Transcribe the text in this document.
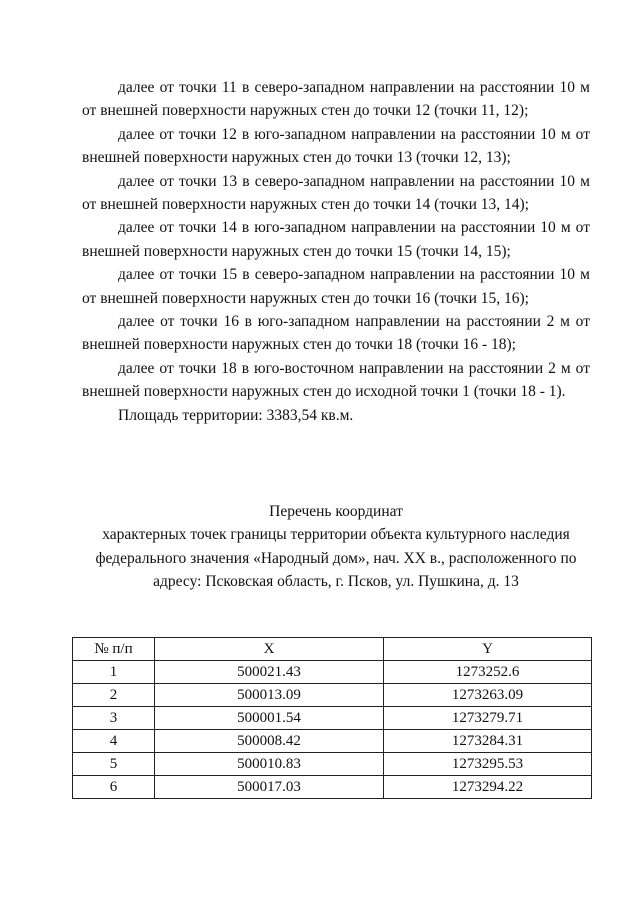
далее от точки 11 в северо-западном направлении на расстоянии 10 м от внешней поверхности наружных стен до точки 12 (точки 11, 12);

далее от точки 12 в юго-западном направлении на расстоянии 10 м от внешней поверхности наружных стен до точки 13 (точки 12, 13);

далее от точки 13 в северо-западном направлении на расстоянии 10 м от внешней поверхности наружных стен до точки 14 (точки 13, 14);

далее от точки 14 в юго-западном направлении на расстоянии 10 м от внешней поверхности наружных стен до точки 15 (точки 14, 15);

далее от точки 15 в северо-западном направлении на расстоянии 10 м от внешней поверхности наружных стен до точки 16 (точки 15, 16);

далее от точки 16 в юго-западном направлении на расстоянии 2 м от внешней поверхности наружных стен до точки 18 (точки 16 - 18);

далее от точки 18 в юго-восточном направлении на расстоянии 2 м от внешней поверхности наружных стен до исходной точки 1 (точки 18 - 1).

Площадь территории: 3383,54 кв.м.

Перечень координат
характерных точек границы территории объекта культурного наследия
федерального значения «Народный дом», нач. XX в., расположенного по
адресу: Псковская область, г. Псков, ул. Пушкина, д. 13
№ п/п	X	Y
1	500021.43	1273252.6
2	500013.09	1273263.09
3	500001.54	1273279.71
4	500008.42	1273284.31
5	500010.83	1273295.53
6	500017.03	1273294.22
